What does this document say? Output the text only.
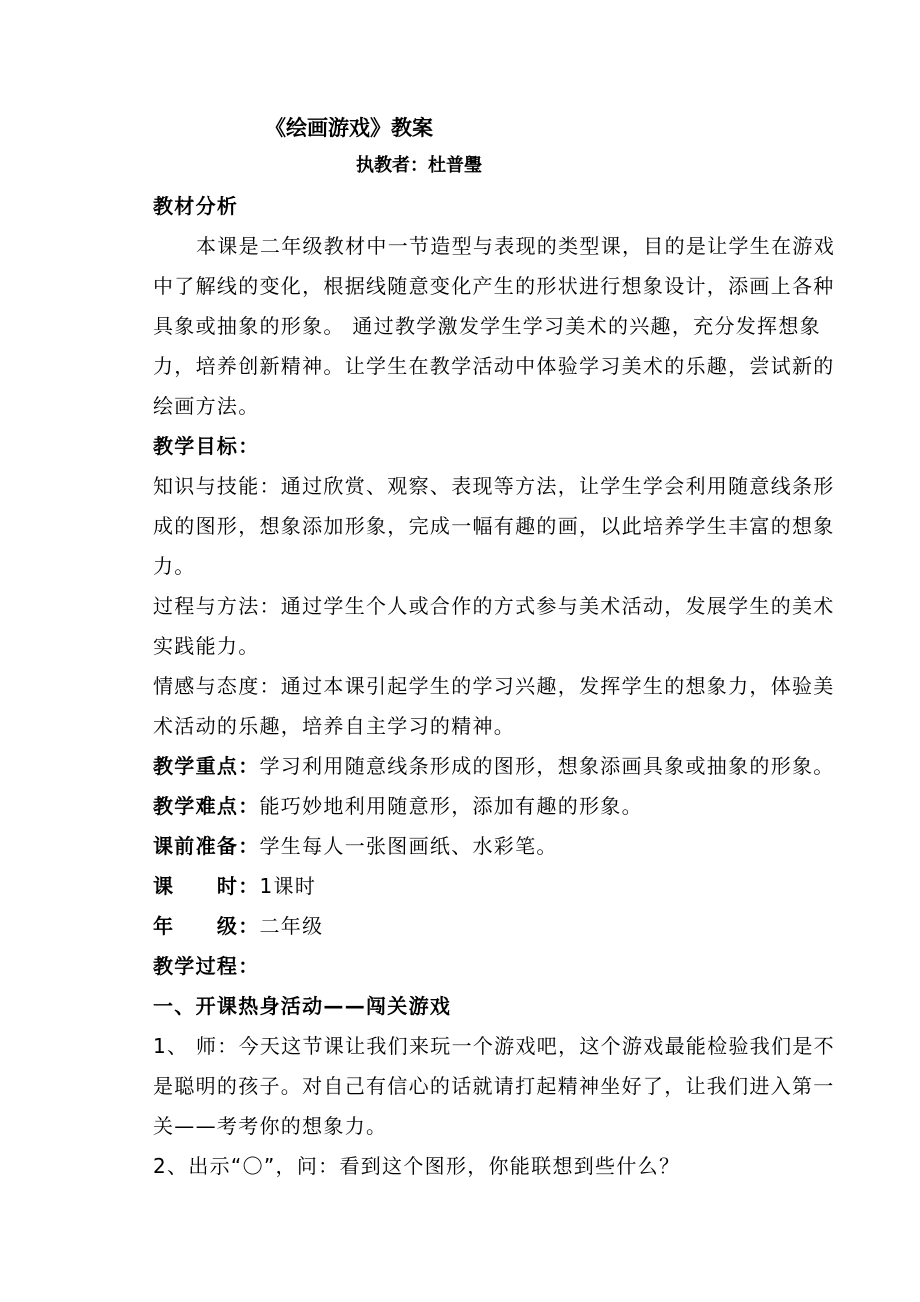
《绘画游戏》教案
执教者：杜普璺
教材分析
本课是二年级教材中一节造型与表现的类型课，目的是让学生在游戏
中了解线的变化，根据线随意变化产生的形状进行想象设计，添画上各种
具象或抽象的形象。 通过教学激发学生学习美术的兴趣，充分发挥想象
力，培养创新精神。让学生在教学活动中体验学习美术的乐趣，尝试新的
绘画方法。
教学目标：
知识与技能：通过欣赏、观察、表现等方法，让学生学会利用随意线条形
成的图形，想象添加形象，完成一幅有趣的画，以此培养学生丰富的想象
力。
过程与方法：通过学生个人或合作的方式参与美术活动，发展学生的美术
实践能力。
情感与态度：通过本课引起学生的学习兴趣，发挥学生的想象力，体验美
术活动的乐趣，培养自主学习的精神。
教学重点：学习利用随意线条形成的图形，想象添画具象或抽象的形象。
教学难点：能巧妙地利用随意形，添加有趣的形象。
课前准备：学生每人一张图画纸、水彩笔。
课　　时：1课时
年　　级：二年级
教学过程：
一、开课热身活动——闯关游戏
1、 师：今天这节课让我们来玩一个游戏吧，这个游戏最能检验我们是不
是聪明的孩子。对自己有信心的话就请打起精神坐好了，让我们进入第一
关——考考你的想象力。
2、出示“〇”，问：看到这个图形，你能联想到些什么？
